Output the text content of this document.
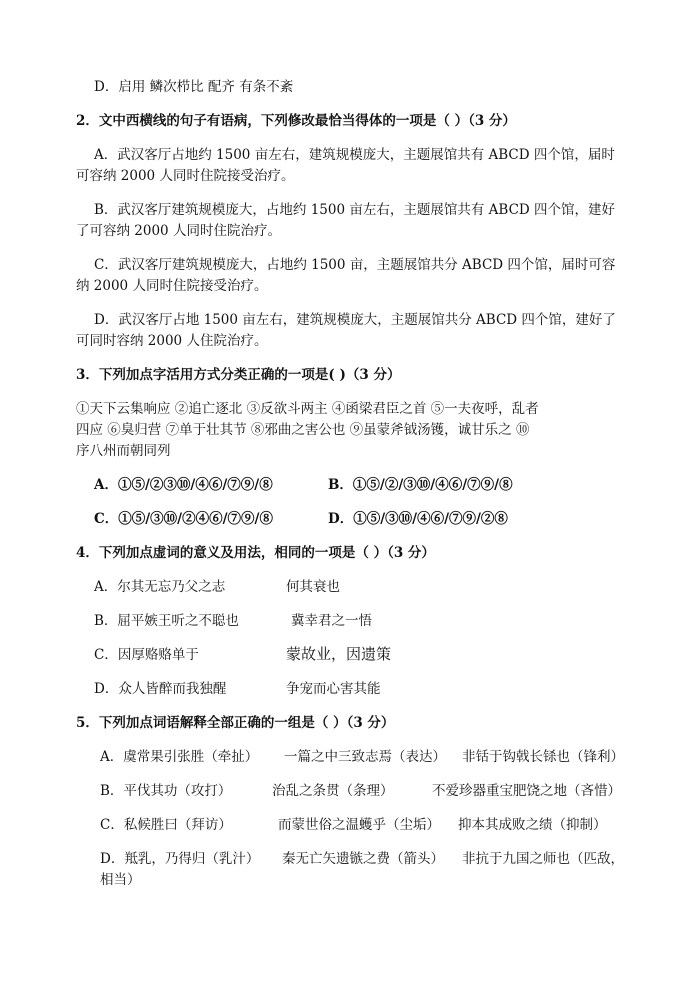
D．启用 鳞次栉比 配齐 有条不紊
2．文中西横线的句子有语病，下列修改最恰当得体的一项是（ ）（3 分）
A．武汉客厅占地约 1500 亩左右，建筑规模庞大，主题展馆共有 ABCD 四个馆，届时
可容纳 2000 人同时住院接受治疗。
B．武汉客厅建筑规模庞大，占地约 1500 亩左右，主题展馆共有 ABCD 四个馆，建好
了可容纳 2000 人同时住院治疗。
C．武汉客厅建筑规模庞大，占地约 1500 亩，主题展馆共分 ABCD 四个馆，届时可容
纳 2000 人同时住院接受治疗。
D．武汉客厅占地 1500 亩左右，建筑规模庞大，主题展馆共分 ABCD 四个馆，建好了
可同时容纳 2000 人住院治疗。
3．下列加点字活用方式分类正确的一项是( )（3 分）
①天下云集响应 ②追亡逐北 ③反欲斗两主 ④函梁君臣之首 ⑤一夫夜呼，乱者
四应 ⑥臭归营 ⑦单于壮其节 ⑧邪曲之害公也 ⑨虽蒙斧钺汤镬，诚甘乐之 ⑩
序八州而朝同列
A．①⑤/②③⑩/④⑥/⑦⑨/⑧	B．①⑤/②/③⑩/④⑥/⑦⑨/⑧
C．①⑤/③⑩/②④⑥/⑦⑨/⑧	D．①⑤/③⑩/④⑥/⑦⑨/②⑧
4．下列加点虚词的意义及用法，相同的一项是（ ）（3 分）
A．尔其无忘乃父之志	何其衰也
B．屈平嫉王听之不聪也	冀幸君之一悟
C．因厚赂赂单于	蒙故业，因遗策
D．众人皆醉而我独醒	争宠而心害其能
5．下列加点词语解释全部正确的一组是（ ）（3 分）
A．虞常果引张胜（牵扯） 一篇之中三致志焉（表达） 非铦于钩戟长铩也（锋利）
B．平伐其功（攻打）	治乱之条贯（条理）	不爱珍器重宝肥饶之地（吝惜）
C．私候胜曰（拜访）	而蒙世俗之温蠖乎（尘垢） 抑本其成败之绩（抑制）
D．羝乳，乃得归（乳汁） 秦无亡矢遗镞之费（箭头） 非抗于九国之师也（匹敌，
相当）
